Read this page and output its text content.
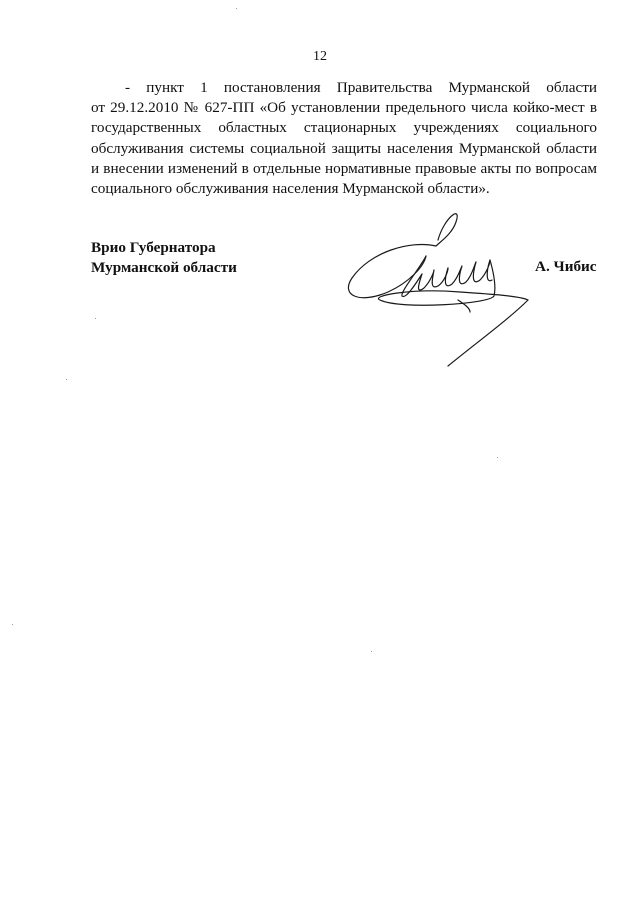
12

- пункт 1 постановления Правительства Мурманской области
от 29.12.2010 № 627-ПП «Об установлении предельного числа койко-мест в
государственных областных стационарных учреждениях социального
обслуживания системы социальной защиты населения Мурманской области
и внесении изменений в отдельные нормативные правовые акты по вопросам
социального обслуживания населения Мурманской области».

Врио Губернатора
Мурманской области	А. Чибис
